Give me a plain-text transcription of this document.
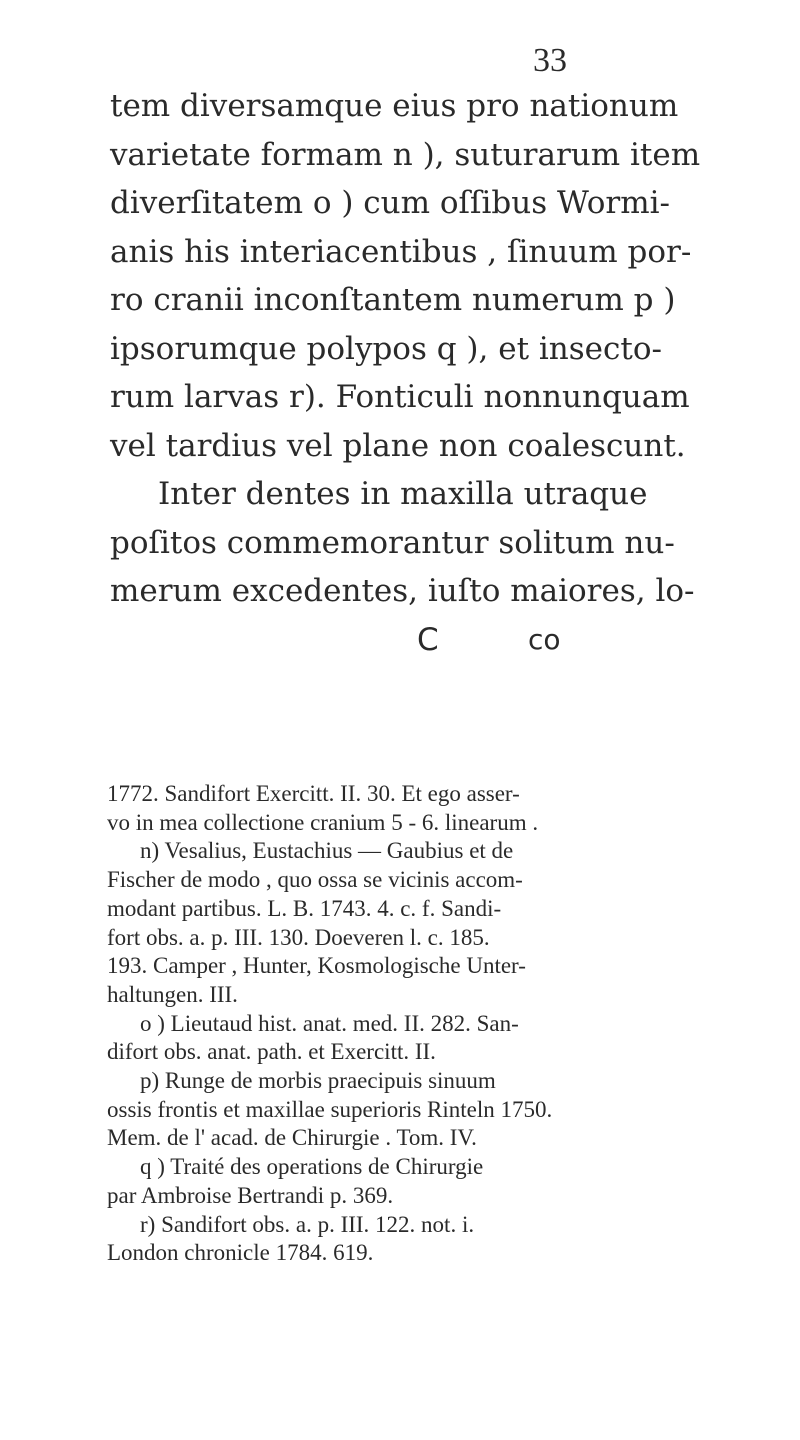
33
tem diversamque eius pro nationum
varietate formam n ), suturarum item
diverſitatem o ) cum oſſibus Wormi-
anis his interiacentibus , ſinuum por-
ro cranii inconſtantem numerum p )
ipsorumque polypos q ), et insecto-
rum larvas r). Fonticuli nonnunquam
vel tardius vel plane non coalescunt.
Inter dentes in maxilla utraque
poſitos commemorantur solitum nu-
merum excedentes, iuſto maiores, lo-
C	co
1772. Sandifort Exercitt. II. 30. Et ego asser-
vo in mea collectione cranium 5 - 6. linearum .
n) Vesalius, Eustachius — Gaubius et de
Fischer de modo , quo ossa se vicinis accom-
modant partibus. L. B. 1743. 4. c. f. Sandi-
fort obs. a. p. III. 130. Doeveren l. c. 185.
193. Camper , Hunter, Kosmologische Unter-
haltungen. III.
o ) Lieutaud hist. anat. med. II. 282. San-
difort obs. anat. path. et Exercitt. II.
p) Runge de morbis praecipuis sinuum
ossis frontis et maxillae superioris Rinteln 1750.
Mem. de l' acad. de Chirurgie . Tom. IV.
q ) Traité des operations de Chirurgie
par Ambroise Bertrandi p. 369.
r) Sandifort obs. a. p. III. 122. not. i.
London chronicle 1784. 619.
